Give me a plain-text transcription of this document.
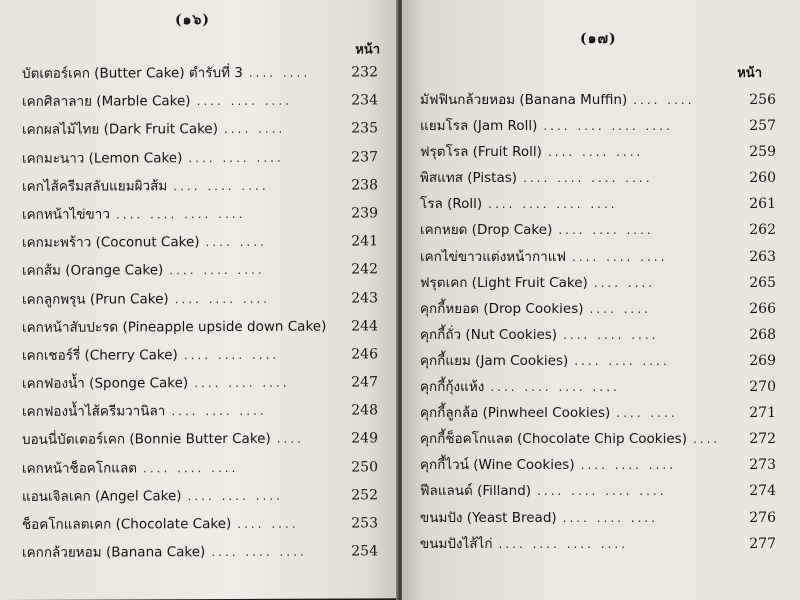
(๑๖)
หน้า
บัตเตอร์เคก (Butter Cake) ตำรับที่ 3 .... ....	232
เคกศิลาลาย (Marble Cake) .... .... ....	234
เคกผลไม้ไทย (Dark Fruit Cake) .... ....	235
เคกมะนาว (Lemon Cake) .... .... ....	237
เคกไส้ครีมสลับแยมผิวส้ม .... .... ....	238
เคกหน้าไข่ขาว .... .... .... ....	239
เคกมะพร้าว (Coconut Cake) .... ....	241
เคกส้ม (Orange Cake) .... .... ....	242
เคกลูกพรุน (Prun Cake) .... .... ....	243
เคกหน้าสับปะรด (Pineapple upside down Cake)	244
เคกเชอร์รี่ (Cherry Cake) .... .... ....	246
เคกฟองน้ำ (Sponge Cake) .... .... ....	247
เคกฟองน้ำไส้ครีมวานิลา .... .... ....	248
บอนนี่บัตเตอร์เคก (Bonnie Butter Cake) ....	249
เคกหน้าช็อคโกแลต .... .... ....	250
แอนเจิลเคก (Angel Cake) .... .... ....	252
ช็อคโกแลตเคก (Chocolate Cake) .... ....	253
เคกกล้วยหอม (Banana Cake) .... .... ....	254
(๑๗)
หน้า
มัฟฟินกล้วยหอม (Banana Muffin) .... ....	256
แยมโรล (Jam Roll) .... .... .... ....	257
ฟรุตโรล (Fruit Roll) .... .... ....	259
พิสแทส (Pistas) .... .... .... ....	260
โรล (Roll) .... .... .... ....	261
เคกหยด (Drop Cake) .... .... ....	262
เคกไข่ขาวแต่งหน้ากาแฟ .... .... ....	263
ฟรุตเคก (Light Fruit Cake) .... ....	265
คุกกี้หยอด (Drop Cookies) .... ....	266
คุกกี้ถั่ว (Nut Cookies) .... .... ....	268
คุกกี้แยม (Jam Cookies) .... .... ....	269
คุกกี้กุ้งแห้ง .... .... .... ....	270
คุกกี้ลูกล้อ (Pinwheel Cookies) .... ....	271
คุกกี้ช็อคโกแลต (Chocolate Chip Cookies) ....	272
คุกกี้ไวน์ (Wine Cookies) .... .... ....	273
ฟีลแลนด์ (Filland) .... .... .... ....	274
ขนมปัง (Yeast Bread) .... .... ....	276
ขนมปังไส้ไก่ .... .... .... ....	277
